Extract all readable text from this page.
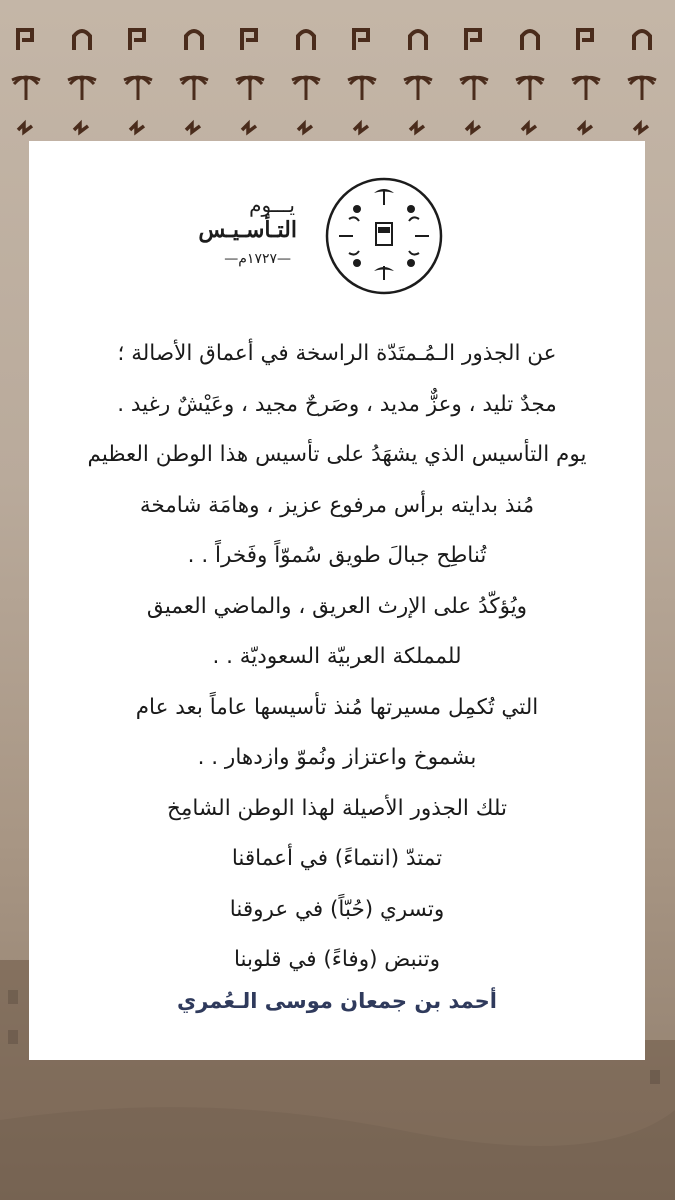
يـــوم
التـأسـيـس
—١٧٢٧م—
عن الجذور الـمُـمتَدّة الراسخة في أعماق الأصالة ؛
مجدٌ تليد ، وعزٌّ مديد ، وصَرحٌ مجيد ، وعَيْشٌ رغيد .
يوم التأسيس الذي يشهَدُ على تأسيس هذا الوطن العظيم
مُنذ بدايته برأس مرفوع عزيز ، وهامَة شامخة
تُناطِح جبالَ طويق سُموّاً وفَخراً . .
ويُؤكّدُ على الإرث العريق ، والماضي العميق
للمملكة العربيّة السعوديّة . .
التي تُكمِل مسيرتها مُنذ تأسيسها عاماً بعد عام
بشموخ واعتزاز ونُموّ وازدهار . .
تلك الجذور الأصيلة لهذا الوطن الشامِخ
تمتدّ (انتماءً) في أعماقنا
وتسري (حُبّاً) في عروقنا
وتنبض (وفاءً) في قلوبنا
أحمد بن جمعان موسى الـعُمري
